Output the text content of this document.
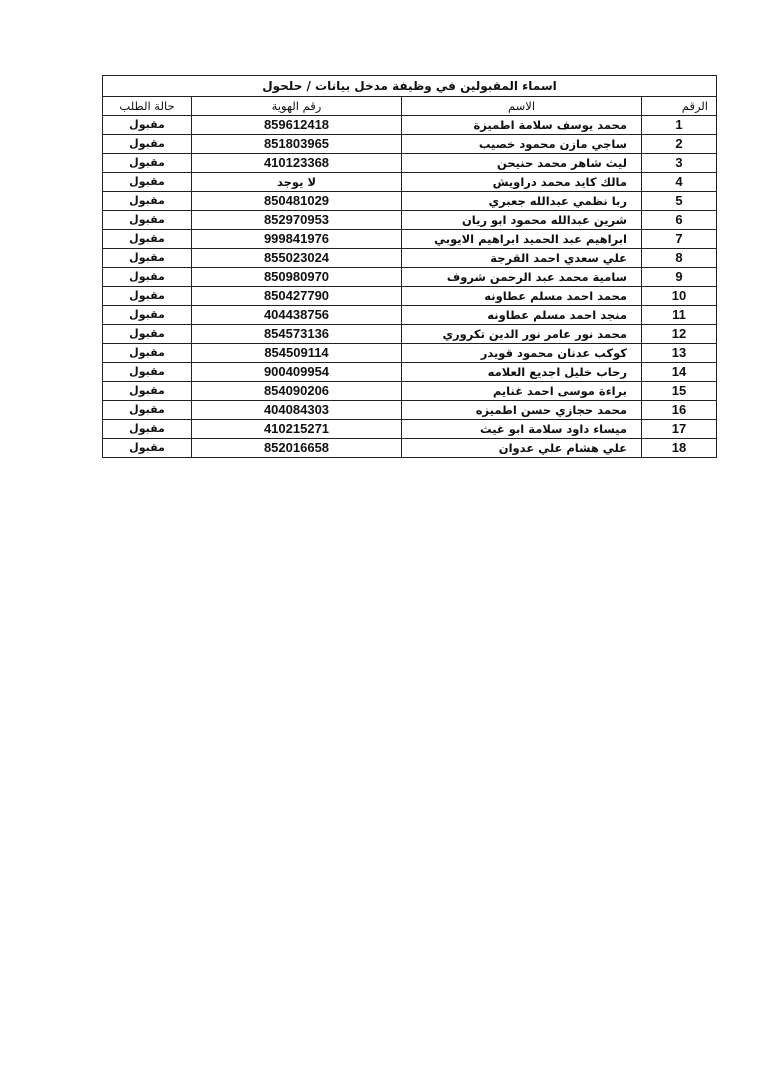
اسماء المقبولين في وظيفة مدخل بيانات / حلحول			
الرقم	الاسم	رقم الهوية	حالة الطلب
1	محمد يوسف سلامة اطميزة	859612418	مقبول
2	ساجي مازن محمود خصيب	851803965	مقبول
3	ليث شاهر محمد حنيحن	410123368	مقبول
4	مالك كايد محمد دراويش	لا يوجد	مقبول
5	ربا نظمي عبدالله جعبري	850481029	مقبول
6	شرين عبدالله محمود ابو ريان	852970953	مقبول
7	ابراهيم عبد الحميد ابراهيم الايوبي	999841976	مقبول
8	علي سعدي احمد القرجة	855023024	مقبول
9	سامية محمد عبد الرحمن شروف	850980970	مقبول
10	محمد احمد مسلم عطاونه	850427790	مقبول
11	منجد احمد مسلم عطاونه	404438756	مقبول
12	محمد نور عامر نور الدين تكروري	854573136	مقبول
13	كوكب عدنان محمود قويدر	854509114	مقبول
14	رحاب خليل اجديع العلامه	900409954	مقبول
15	براءة موسى احمد غنايم	854090206	مقبول
16	محمد حجازي حسن اطميزه	404084303	مقبول
17	ميساء داود سلامة ابو غيث	410215271	مقبول
18	علي هشام علي عدوان	852016658	مقبول
